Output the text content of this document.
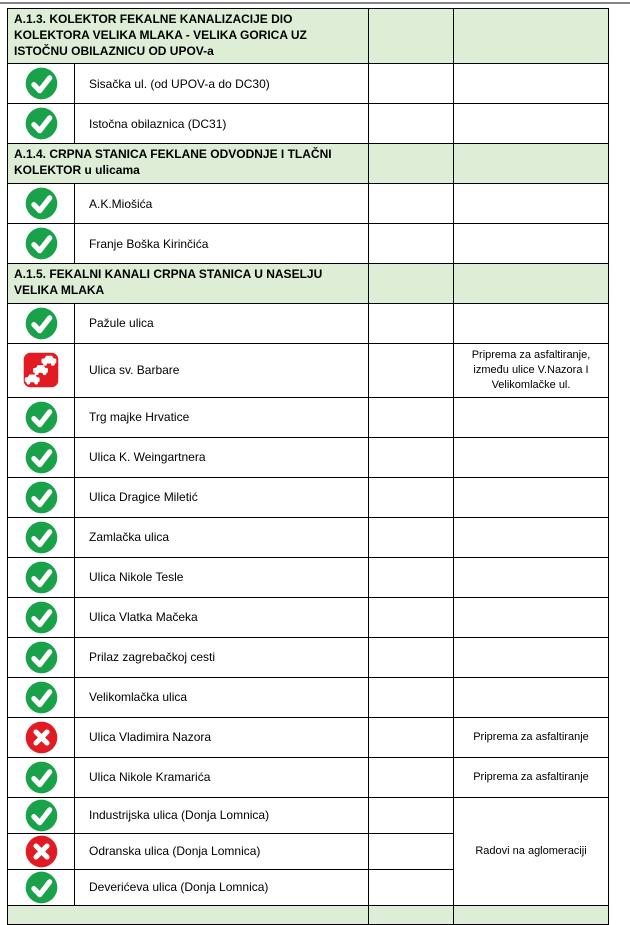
A.1.3. KOLEKTOR FEKALNE KANALIZACIJE DIO KOLEKTORA VELIKA MLAKA - VELIKA GORICA UZ ISTOČNU OBILAZNICU OD UPOV-a			

	Sisačka ul. (od UPOV-a do DC30)		

	Istočna obilaznica (DC31)		
A.1.4. CRPNA STANICA FEKLANE ODVODNJE I TLAČNI KOLEKTOR u ulicama			

	A.K.Miošića		

	Franje Boška Kirinčića		
A.1.5. FEKALNI KANALI CRPNA STANICA U NASELJU VELIKA MLAKA			

	Pažule ulica		

	Ulica sv. Barbare		Priprema za asfaltiranje, između ulice V.Nazora I Velikomlačke ul.

	Trg majke Hrvatice		

	Ulica K. Weingartnera		

	Ulica Dragice Miletić		

	Zamlačka ulica		

	Ulica Nikole Tesle		

	Ulica Vlatka Mačeka		

	Prilaz zagrebačkoj cesti		

	Velikomlačka ulica		

	Ulica Vladimira Nazora		Priprema za asfaltiranje

	Ulica Nikole Kramarića		Priprema za asfaltiranje

	Industrijska ulica (Donja Lomnica)		Radovi na aglomeraciji

	Odranska ulica (Donja Lomnica)		

	Deverićeva ulica (Donja Lomnica)		
